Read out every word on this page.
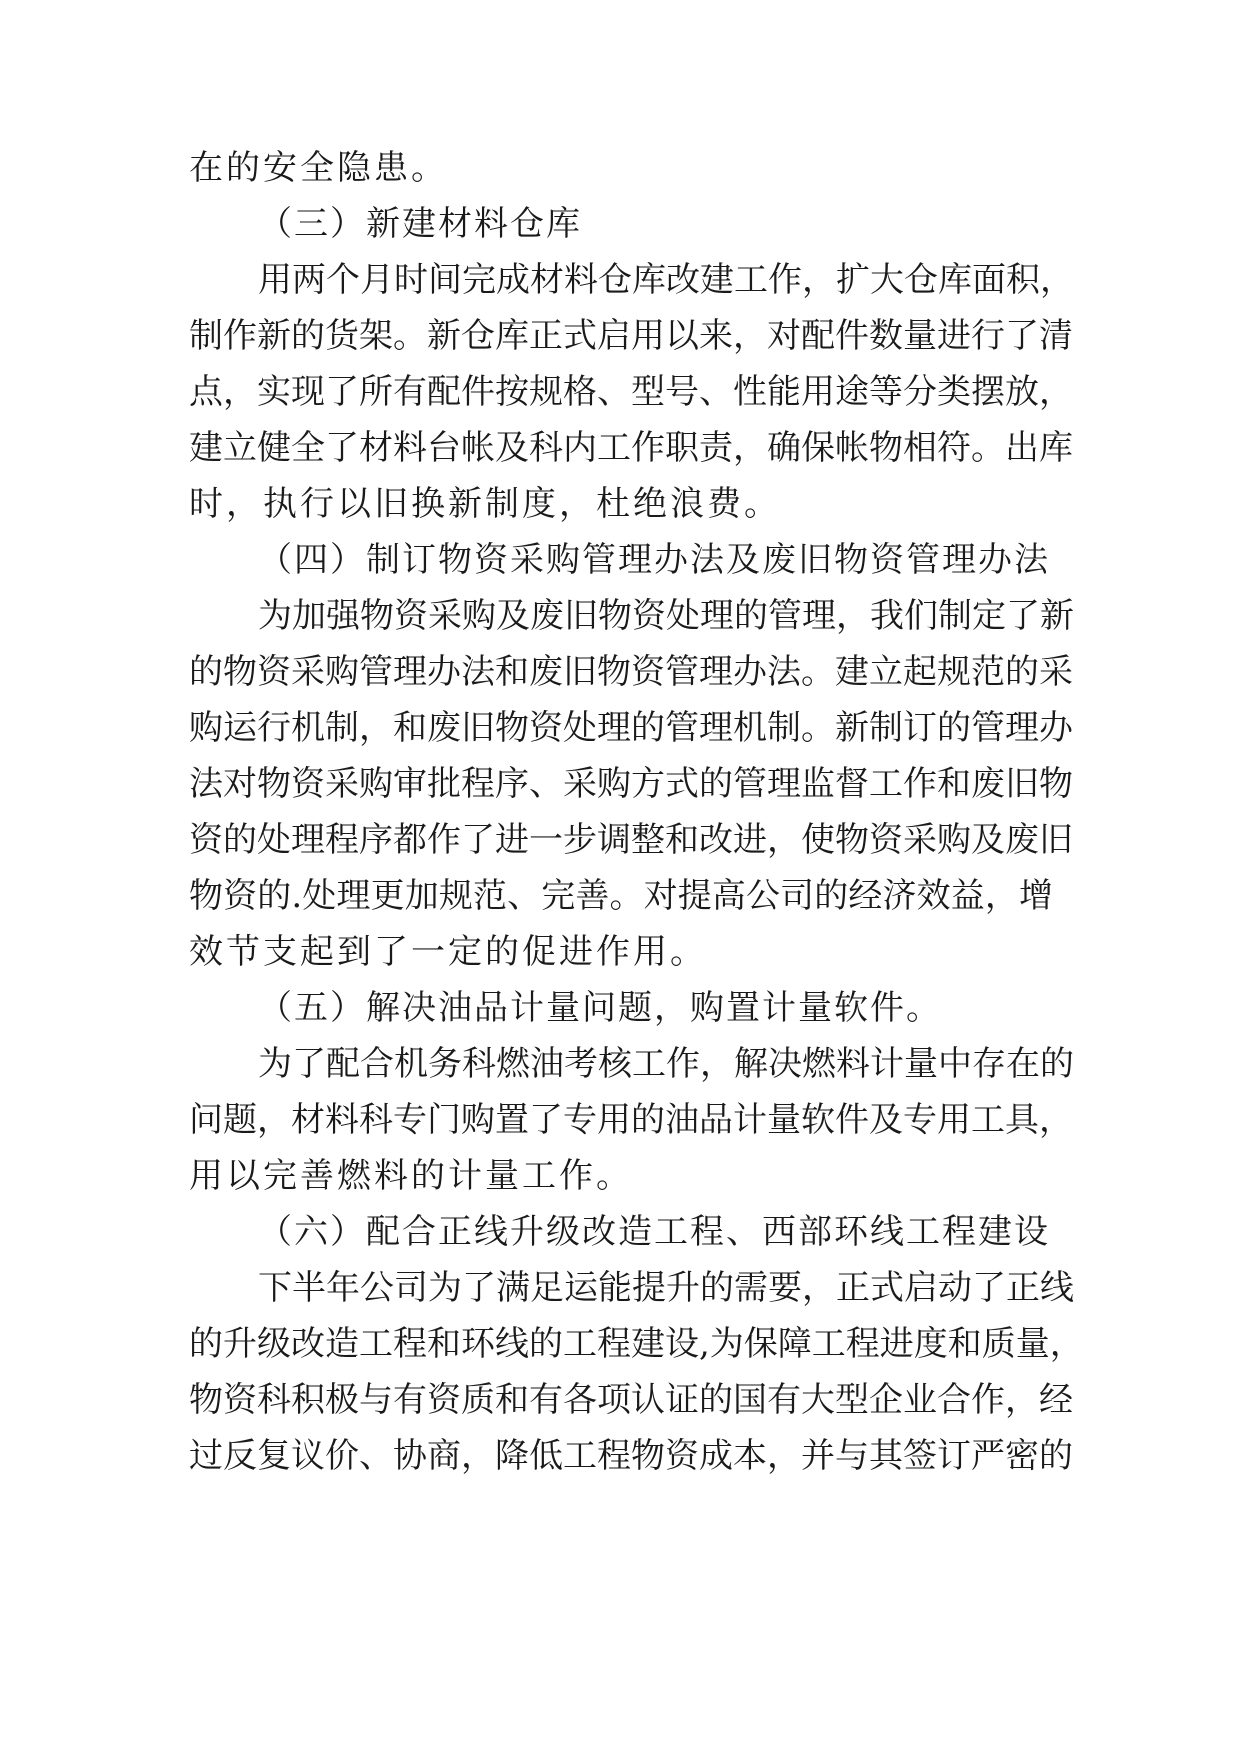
在的安全隐患。
（三）新建材料仓库
用两个月时间完成材料仓库改建工作，扩大仓库面积，
制作新的货架。新仓库正式启用以来，对配件数量进行了清
点，实现了所有配件按规格、型号、性能用途等分类摆放，
建立健全了材料台帐及科内工作职责，确保帐物相符。出库
时，执行以旧换新制度，杜绝浪费。
（四）制订物资采购管理办法及废旧物资管理办法
为加强物资采购及废旧物资处理的管理，我们制定了新
的物资采购管理办法和废旧物资管理办法。建立起规范的采
购运行机制，和废旧物资处理的管理机制。新制订的管理办
法对物资采购审批程序、采购方式的管理监督工作和废旧物
资的处理程序都作了进一步调整和改进，使物资采购及废旧
物资的.处理更加规范、完善。对提高公司的经济效益，增
效节支起到了一定的促进作用。
（五）解决油品计量问题，购置计量软件。
为了配合机务科燃油考核工作，解决燃料计量中存在的
问题，材料科专门购置了专用的油品计量软件及专用工具，
用以完善燃料的计量工作。
（六）配合正线升级改造工程、西部环线工程建设
下半年公司为了满足运能提升的需要，正式启动了正线
的升级改造工程和环线的工程建设,为保障工程进度和质量，
物资科积极与有资质和有各项认证的国有大型企业合作，经
过反复议价、协商，降低工程物资成本，并与其签订严密的
